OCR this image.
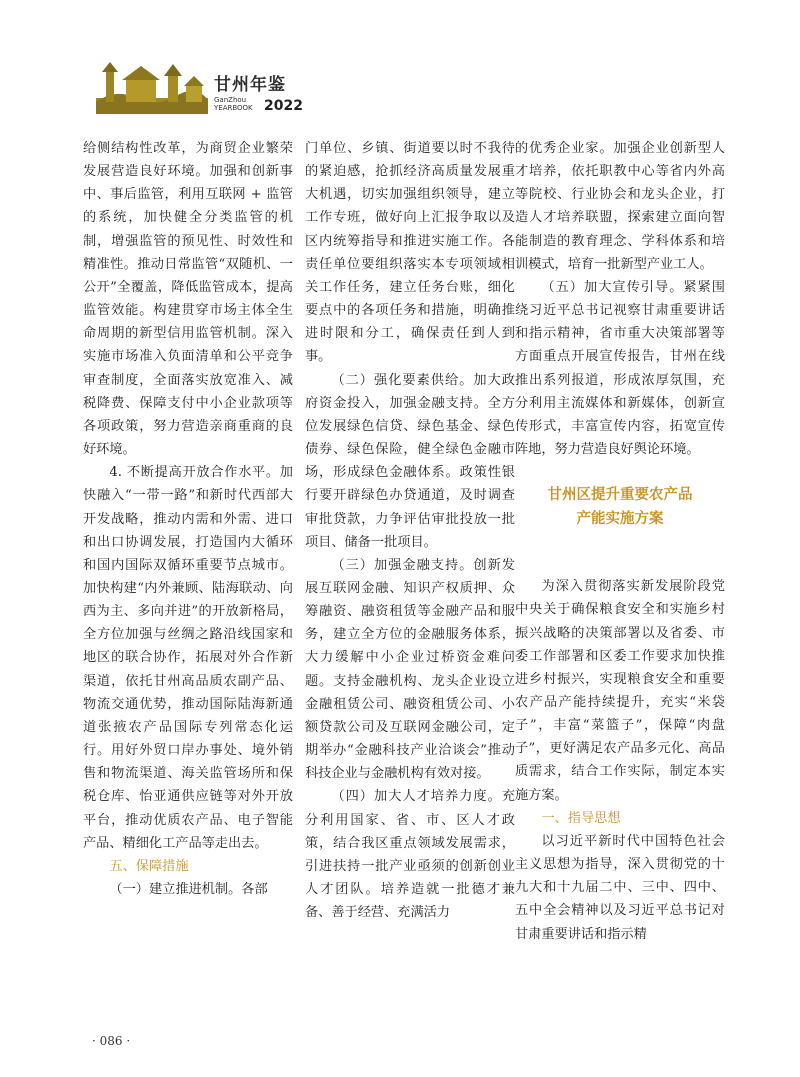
甘州年鉴
GanZhou
YEARBOOK 2022

给侧结构性改革，为商贸企业繁荣发展营造良好环境。加强和创新事中、事后监管，利用互联网 + 监管的系统，加快健全分类监管的机制，增强监管的预见性、时效性和精准性。推动日常监管“双随机、一公开”全覆盖，降低监管成本，提高监管效能。构建贯穿市场主体全生命周期的新型信用监管机制。深入实施市场准入负面清单和公平竞争审查制度，全面落实放宽准入、减税降费、保障支付中小企业款项等各项政策，努力营造亲商重商的良好环境。

4. 不断提高开放合作水平。加快融入“一带一路”和新时代西部大开发战略，推动内需和外需、进口和出口协调发展，打造国内大循环和国内国际双循环重要节点城市。加快构建“内外兼顾、陆海联动、向西为主、多向并进”的开放新格局，全方位加强与丝绸之路沿线国家和地区的联合协作，拓展对外合作新渠道，依托甘州高品质农副产品、物流交通优势，推动国际陆海新通道张掖农产品国际专列常态化运行。用好外贸口岸办事处、境外销售和物流渠道、海关监管场所和保税仓库、怡亚通供应链等对外开放平台，推动优质农产品、电子智能产品、精细化工产品等走出去。

五、保障措施

（一）建立推进机制。各部

门单位、乡镇、街道要以时不我待的紧迫感，抢抓经济高质量发展重大机遇，切实加强组织领导，建立工作专班，做好向上汇报争取以及区内统筹指导和推进实施工作。各责任单位要组织落实本专项领域相关工作任务，建立任务台账，细化要点中的各项任务和措施，明确推进时限和分工，确保责任到人到事。

（二）强化要素供给。加大政府资金投入，加强金融支持。全方位发展绿色信贷、绿色基金、绿色债券、绿色保险，健全绿色金融市场，形成绿色金融体系。政策性银行要开辟绿色办贷通道，及时调查审批贷款，力争评估审批投放一批项目、储备一批项目。

（三）加强金融支持。创新发展互联网金融、知识产权质押、众筹融资、融资租赁等金融产品和服务，建立全方位的金融服务体系，大力缓解中小企业过桥资金难问题。支持金融机构、龙头企业设立金融租赁公司、融资租赁公司、小额贷款公司及互联网金融公司，定期举办“金融科技产业洽谈会”推动科技企业与金融机构有效对接。

（四）加大人才培养力度。充分利用国家、省、市、区人才政策，结合我区重点领域发展需求，引进扶持一批产业亟须的创新创业人才团队。培养造就一批德才兼备、善于经营、充满活力

的优秀企业家。加强企业创新型人才培养，依托职教中心等省内外高等院校、行业协会和龙头企业，打造人才培养联盟，探索建立面向智能制造的教育理念、学科体系和培训模式，培育一批新型产业工人。

（五）加大宣传引导。紧紧围绕习近平总书记视察甘肃重要讲话和指示精神，省市重大决策部署等方面重点开展宣传报告，甘州在线推出系列报道，形成浓厚氛围，充分利用主流媒体和新媒体，创新宣传形式，丰富宣传内容，拓宽宣传阵地，努力营造良好舆论环境。

甘州区提升重要农产品

产能实施方案

为深入贯彻落实新发展阶段党中央关于确保粮食安全和实施乡村振兴战略的决策部署以及省委、市委工作部署和区委工作要求加快推进乡村振兴，实现粮食安全和重要农产品产能持续提升，充实“米袋子”，丰富“菜篮子”，保障“肉盘子”，更好满足农产品多元化、高品质需求，结合工作实际，制定本实施方案。

一、指导思想

以习近平新时代中国特色社会主义思想为指导，深入贯彻党的十九大和十九届二中、三中、四中、五中全会精神以及习近平总书记对甘肃重要讲话和指示精

· 086 ·
